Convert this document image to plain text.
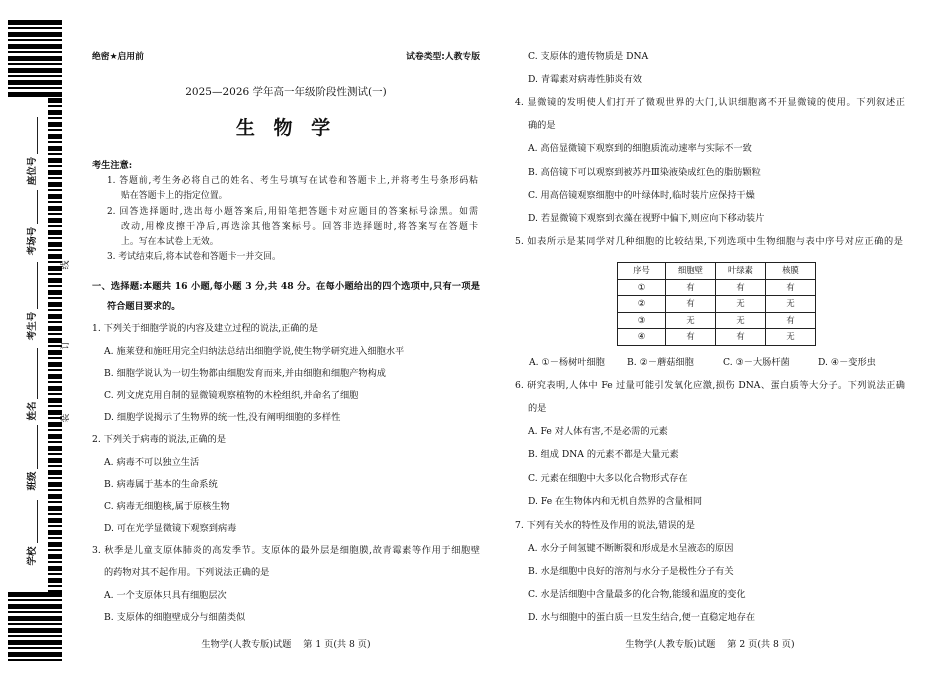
座位号
考场号
考生号
姓名
班级
学校
线
订
装
绝密★启用前	试卷类型:人教专版
2025—2026 学年高一年级阶段性测试(一)
生 物 学
考生注意:
1. 答题前,考生务必将自己的姓名、考生号填写在试卷和答题卡上,并将考生号条形码粘
贴在答题卡上的指定位置。
2. 回答选择题时,选出每小题答案后,用铅笔把答题卡对应题目的答案标号涂黑。如需
改动,用橡皮擦干净后,再选涂其他答案标号。回答非选择题时,将答案写在答题卡
上。写在本试卷上无效。
3. 考试结束后,将本试卷和答题卡一并交回。
一、选择题:本题共 16 小题,每小题 3 分,共 48 分。在每小题给出的四个选项中,只有一项是
符合题目要求的。
1. 下列关于细胞学说的内容及建立过程的说法,正确的是
A. 施莱登和施旺用完全归纳法总结出细胞学说,使生物学研究进入细胞水平
B. 细胞学说认为一切生物都由细胞发育而来,并由细胞和细胞产物构成
C. 列文虎克用自制的显微镜观察植物的木栓组织,并命名了细胞
D. 细胞学说揭示了生物界的统一性,没有阐明细胞的多样性
2. 下列关于病毒的说法,正确的是
A. 病毒不可以独立生活
B. 病毒属于基本的生命系统
C. 病毒无细胞核,属于原核生物
D. 可在光学显微镜下观察到病毒
3. 秋季是儿童支原体肺炎的高发季节。支原体的最外层是细胞膜,故青霉素等作用于细胞壁
的药物对其不起作用。下列说法正确的是
A. 一个支原体只具有细胞层次
B. 支原体的细胞壁成分与细菌类似
生物学(人教专版)试题 第 1 页(共 8 页)
C. 支原体的遗传物质是 DNA
D. 青霉素对病毒性肺炎有效
4. 显微镜的发明使人们打开了微观世界的大门,认识细胞离不开显微镜的使用。下列叙述正
确的是
A. 高倍显微镜下观察到的细胞质流动速率与实际不一致
B. 高倍镜下可以观察到被苏丹Ⅲ染液染成红色的脂肪颗粒
C. 用高倍镜观察细胞中的叶绿体时,临时装片应保持干燥
D. 若显微镜下观察到衣藻在视野中偏下,则应向下移动装片
5. 如表所示是某同学对几种细胞的比较结果,下列选项中生物细胞与表中序号对应正确的是
序号	细胞壁	叶绿素	核膜
①	有	有	有
②	有	无	无
③	无	无	有
④	有	有	无
A. ①－杨树叶细胞 B. ②－蘑菇细胞	C. ③－大肠杆菌	D. ④－变形虫
6. 研究表明,人体中 Fe 过量可能引发氧化应激,损伤 DNA、蛋白质等大分子。下列说法正确
的是
A. Fe 对人体有害,不是必需的元素
B. 组成 DNA 的元素不都是大量元素
C. 元素在细胞中大多以化合物形式存在
D. Fe 在生物体内和无机自然界的含量相同
7. 下列有关水的特性及作用的说法,错误的是
A. 水分子间氢键不断断裂和形成是水呈液态的原因
B. 水是细胞中良好的溶剂与水分子是极性分子有关
C. 水是活细胞中含量最多的化合物,能缓和温度的变化
D. 水与细胞中的蛋白质一旦发生结合,便一直稳定地存在
生物学(人教专版)试题 第 2 页(共 8 页)
